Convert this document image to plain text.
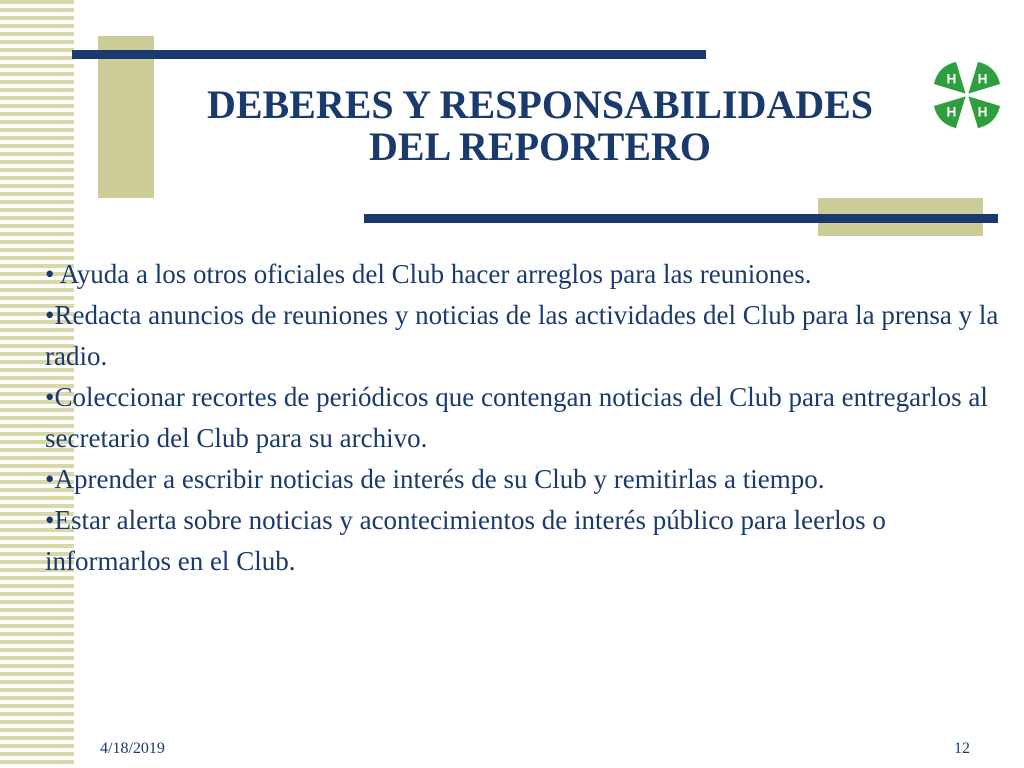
DEBERES Y RESPONSABILIDADES
DEL REPORTERO
H H
H H

• Ayuda a los otros oficiales del Club hacer arreglos para las reuniones.

•Redacta anuncios de reuniones y noticias de las actividades del Club para la prensa y la radio.

•Coleccionar recortes de periódicos que contengan noticias del Club para entregarlos al secretario del Club para su archivo.

•Aprender a escribir noticias de interés de su Club y remitirlas a tiempo.

•Estar alerta sobre noticias y acontecimientos de interés público para leerlos o informarlos en el Club.

4/18/2019	12
